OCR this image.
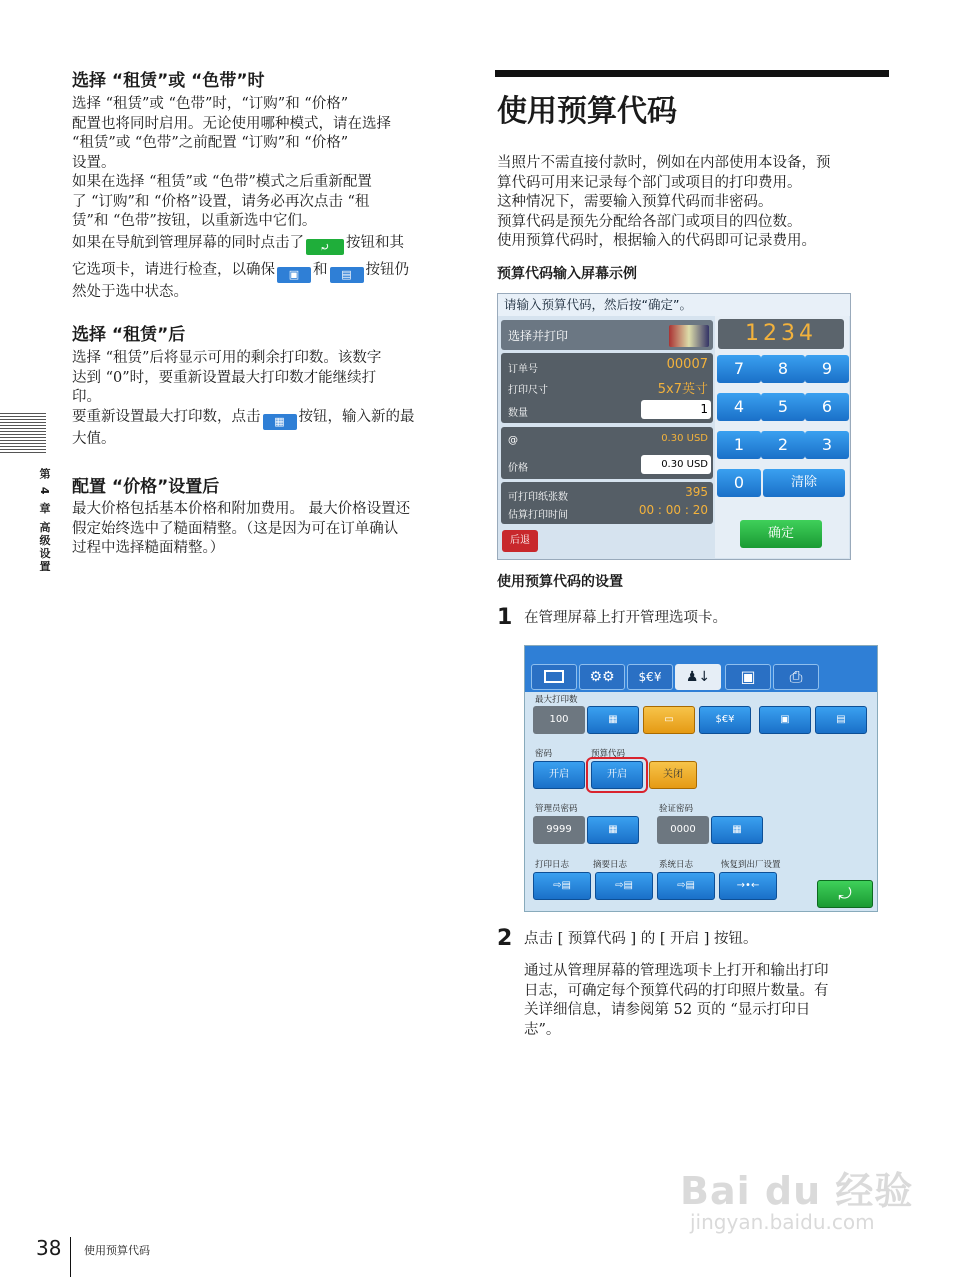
选择 “租赁”或 “色带”时
选择 “租赁”或 “色带”时，“订购”和 “价格”
配置也将同时启用。无论使用哪种模式，请在选择
“租赁”或 “色带”之前配置 “订购”和 “价格”
设置。
如果在选择 “租赁”或 “色带”模式之后重新配置
了 “订购”和 “价格”设置，请务必再次点击 “租
赁”和 “色带”按钮，以重新选中它们。
如果在导航到管理屏幕的同时点击了 ⤾ 按钮和其
它选项卡，请进行检查，以确保 ▣ 和 ▤ 按钮仍
然处于选中状态。
选择 “租赁”后
选择 “租赁”后将显示可用的剩余打印数。该数字
达到 “0”时，要重新设置最大打印数才能继续打
印。
要重新设置最大打印数，点击 ▦ 按钮，输入新的最
大值。
配置 “价格”设置后
最大价格包括基本价格和附加费用。 最大价格设置还
假定始终选中了糙面精整。（这是因为可在订单确认
过程中选择糙面精整。）
第 4 章 高级设置
使用预算代码
当照片不需直接付款时，例如在内部使用本设备，预
算代码可用来记录每个部门或项目的打印费用。
这种情况下，需要输入预算代码而非密码。
预算代码是预先分配给各部门或项目的四位数。
使用预算代码时，根据输入的代码即可记录费用。
预算代码输入屏幕示例
请输入预算代码，然后按“确定”。
选择并打印
订单号	00007
打印尺寸	5x7英寸
数量	1
@	0.30 USD
价格	0.30 USD
可打印纸张数	395
估算打印时间	00 : 00 : 20
后退
1234
7	8	9
4	5	6
1	2	3
0	清除
确定
使用预算代码的设置
1 在管理屏幕上打开管理选项卡。
⚙⚙	$€¥	♟↓	▣	⎙
最大打印数
100	▦	▭	$€¥	▣	▤
密码	预算代码
开启	开启	关闭
管理员密码
9999	▦
验证密码
0000	▦
打印日志	摘要日志	系统日志	恢复到出厂设置
⇨▤	⇨▤	⇨▤	→•←	⤾
2 点击 [ 预算代码 ] 的 [ 开启 ] 按钮。
通过从管理屏幕的管理选项卡上打开和输出打印
日志，可确定每个预算代码的打印照片数量。有
关详细信息，请参阅第 52 页的 “显示打印日
志”。
Bai du 经验
jingyan.baidu.com
38 使用预算代码
